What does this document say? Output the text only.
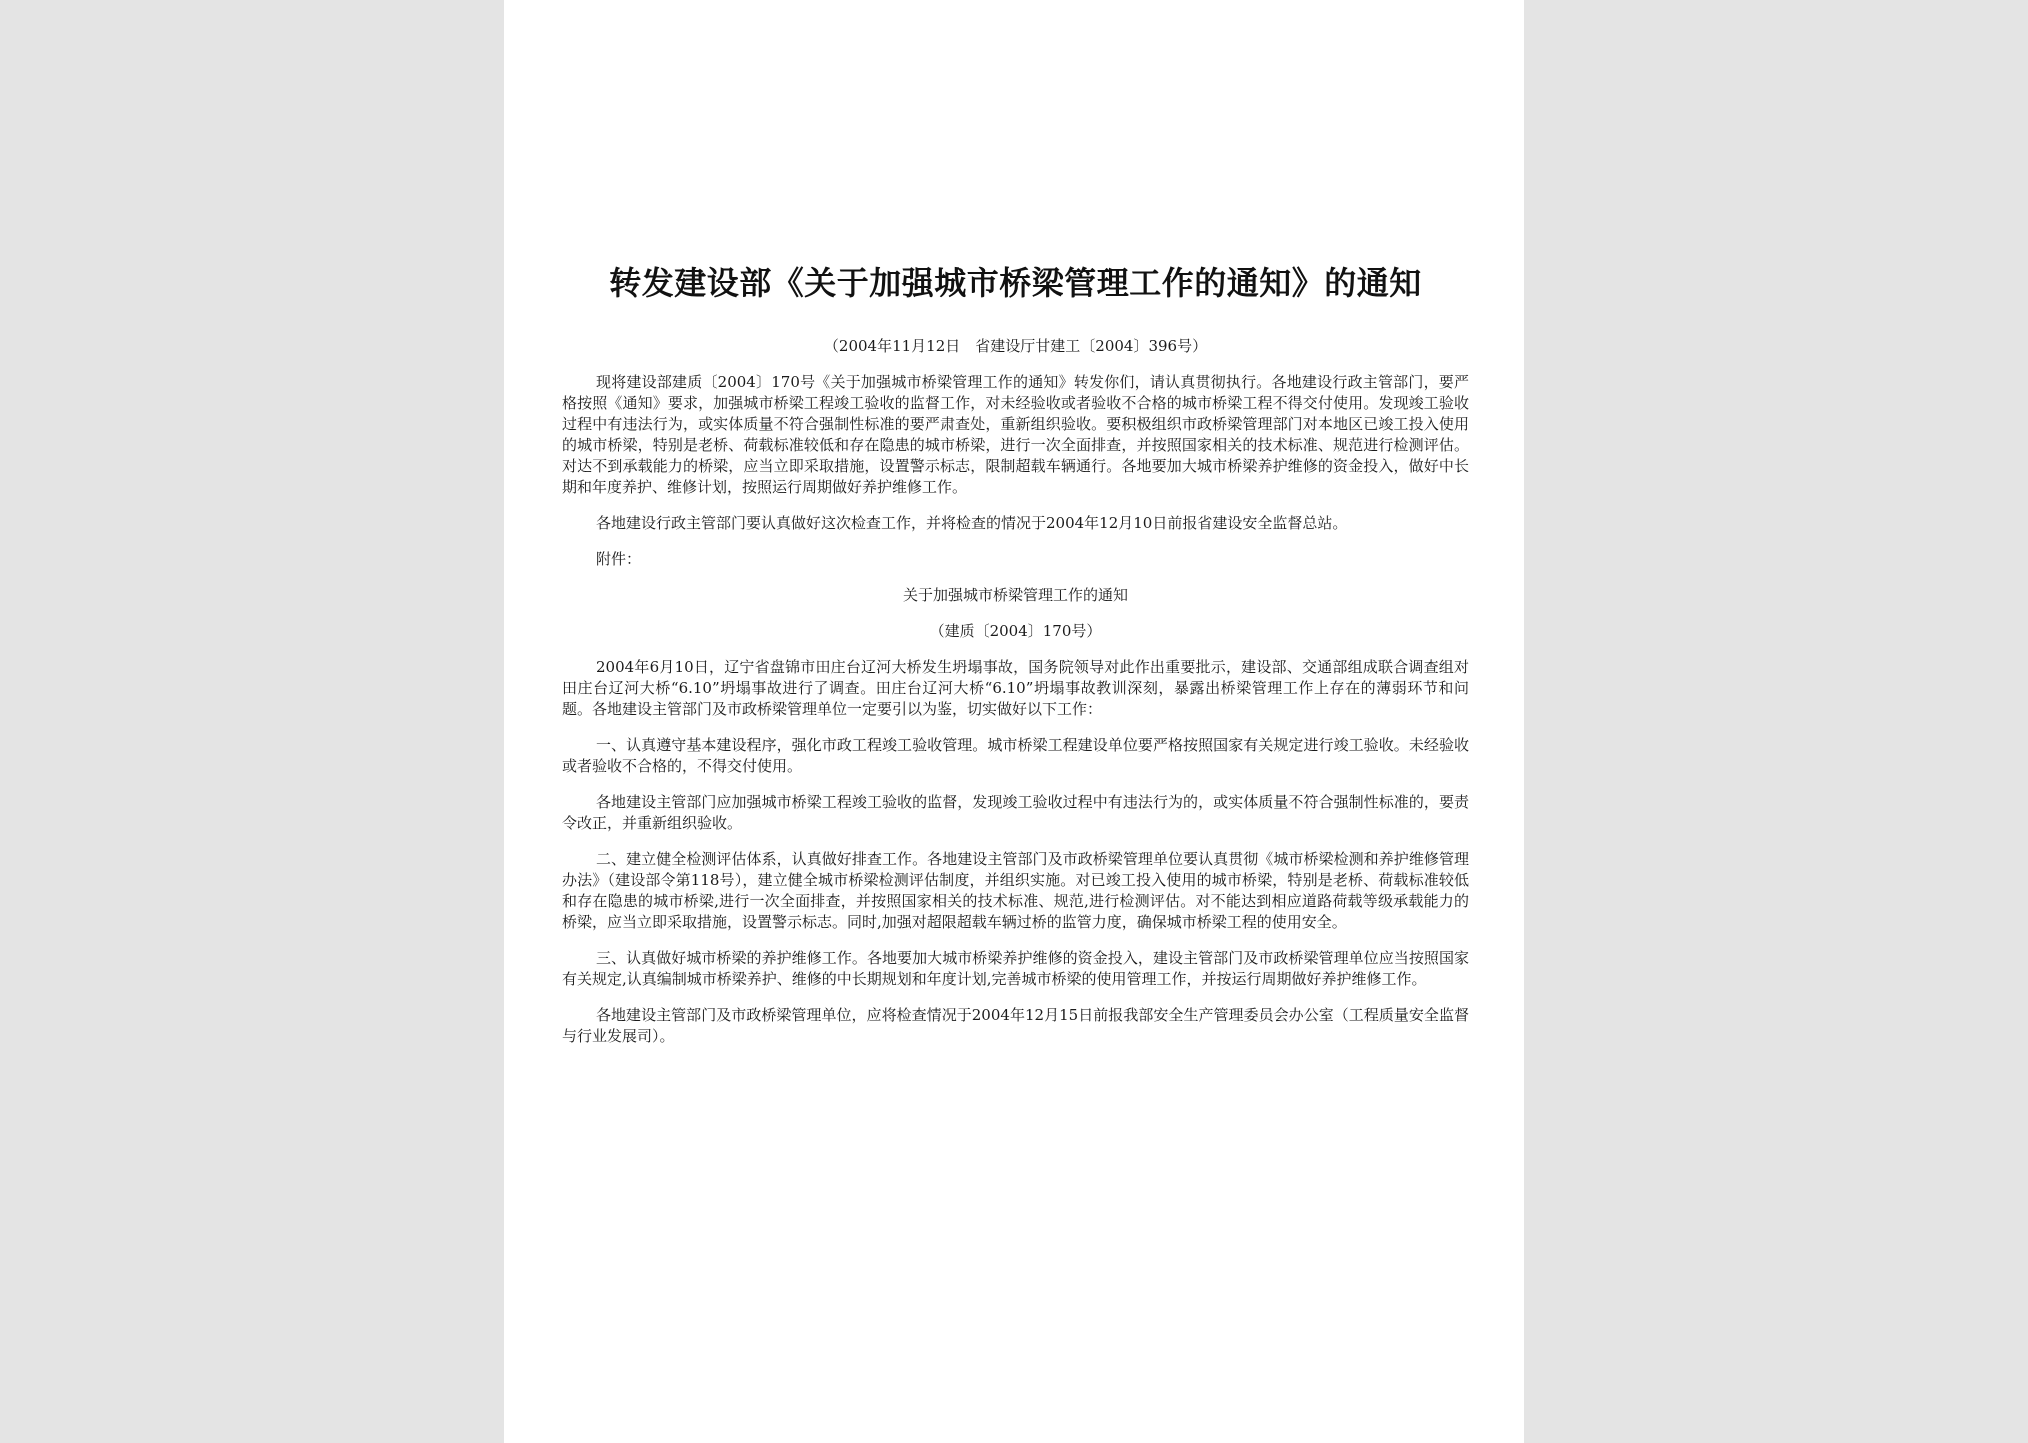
转发建设部《关于加强城市桥梁管理工作的通知》的通知
（2004年11月12日　省建设厅甘建工〔2004〕396号）

现将建设部建质〔2004〕170号《关于加强城市桥梁管理工作的通知》转发你们，请认真贯彻执行。各地建设行政主管部门，要严格按照《通知》要求，加强城市桥梁工程竣工验收的监督工作，对未经验收或者验收不合格的城市桥梁工程不得交付使用。发现竣工验收过程中有违法行为，或实体质量不符合强制性标准的要严肃查处，重新组织验收。要积极组织市政桥梁管理部门对本地区已竣工投入使用的城市桥梁，特别是老桥、荷载标准较低和存在隐患的城市桥梁，进行一次全面排查，并按照国家相关的技术标准、规范进行检测评估。对达不到承载能力的桥梁，应当立即采取措施，设置警示标志，限制超载车辆通行。各地要加大城市桥梁养护维修的资金投入，做好中长期和年度养护、维修计划，按照运行周期做好养护维修工作。

各地建设行政主管部门要认真做好这次检查工作，并将检查的情况于2004年12月10日前报省建设安全监督总站。

附件：

关于加强城市桥梁管理工作的通知
（建质〔2004〕170号）

2004年6月10日，辽宁省盘锦市田庄台辽河大桥发生坍塌事故，国务院领导对此作出重要批示，建设部、交通部组成联合调查组对田庄台辽河大桥“6.10”坍塌事故进行了调查。田庄台辽河大桥“6.10”坍塌事故教训深刻，暴露出桥梁管理工作上存在的薄弱环节和问题。各地建设主管部门及市政桥梁管理单位一定要引以为鉴，切实做好以下工作：

一、认真遵守基本建设程序，强化市政工程竣工验收管理。城市桥梁工程建设单位要严格按照国家有关规定进行竣工验收。未经验收或者验收不合格的，不得交付使用。

各地建设主管部门应加强城市桥梁工程竣工验收的监督，发现竣工验收过程中有违法行为的，或实体质量不符合强制性标准的，要责令改正，并重新组织验收。

二、建立健全检测评估体系，认真做好排查工作。各地建设主管部门及市政桥梁管理单位要认真贯彻《城市桥梁检测和养护维修管理办法》（建设部令第118号），建立健全城市桥梁检测评估制度，并组织实施。对已竣工投入使用的城市桥梁，特别是老桥、荷载标准较低和存在隐患的城市桥梁,进行一次全面排查，并按照国家相关的技术标准、规范,进行检测评估。对不能达到相应道路荷载等级承载能力的桥梁，应当立即采取措施，设置警示标志。同时,加强对超限超载车辆过桥的监管力度，确保城市桥梁工程的使用安全。

三、认真做好城市桥梁的养护维修工作。各地要加大城市桥梁养护维修的资金投入，建设主管部门及市政桥梁管理单位应当按照国家有关规定,认真编制城市桥梁养护、维修的中长期规划和年度计划,完善城市桥梁的使用管理工作，并按运行周期做好养护维修工作。

各地建设主管部门及市政桥梁管理单位，应将检查情况于2004年12月15日前报我部安全生产管理委员会办公室（工程质量安全监督与行业发展司）。
